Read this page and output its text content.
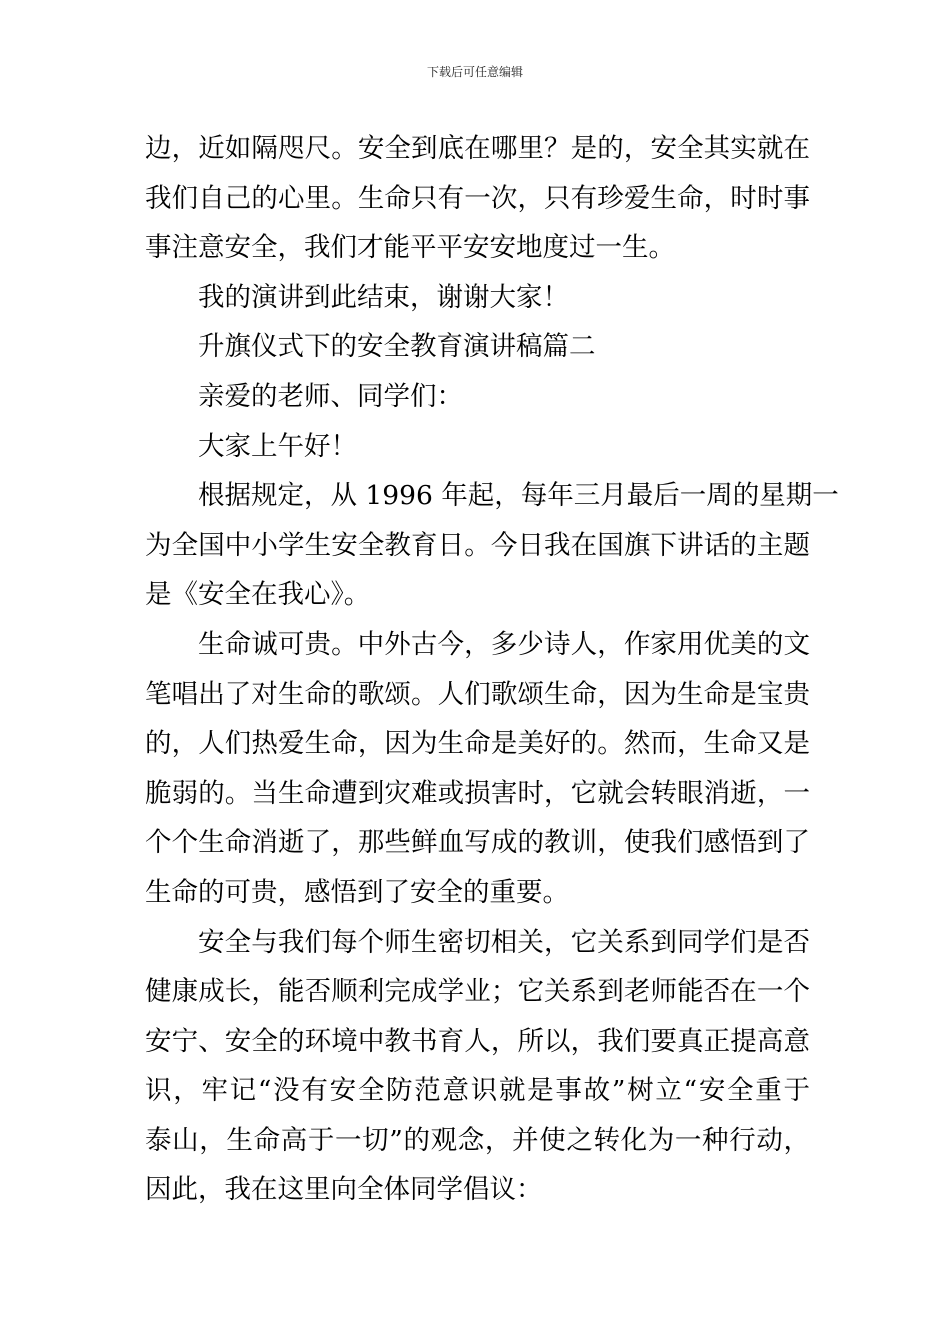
下载后可任意编辑
边，近如隔咫尺。安全到底在哪里？是的，安全其实就在
我们自己的心里。生命只有一次，只有珍爱生命，时时事
事注意安全，我们才能平平安安地度过一生。
我的演讲到此结束，谢谢大家！
升旗仪式下的安全教育演讲稿篇二
亲爱的老师、同学们：
大家上午好！
根据规定，从 1996 年起，每年三月最后一周的星期一
为全国中小学生安全教育日。今日我在国旗下讲话的主题
是《安全在我心》。
生命诚可贵。中外古今，多少诗人，作家用优美的文
笔唱出了对生命的歌颂。人们歌颂生命，因为生命是宝贵
的，人们热爱生命，因为生命是美好的。然而，生命又是
脆弱的。当生命遭到灾难或损害时，它就会转眼消逝，一
个个生命消逝了，那些鲜血写成的教训，使我们感悟到了
生命的可贵，感悟到了安全的重要。
安全与我们每个师生密切相关，它关系到同学们是否
健康成长，能否顺利完成学业；它关系到老师能否在一个
安宁、安全的环境中教书育人，所以，我们要真正提高意
识，牢记“没有安全防范意识就是事故”树立“安全重于
泰山，生命高于一切”的观念，并使之转化为一种行动，
因此，我在这里向全体同学倡议：
